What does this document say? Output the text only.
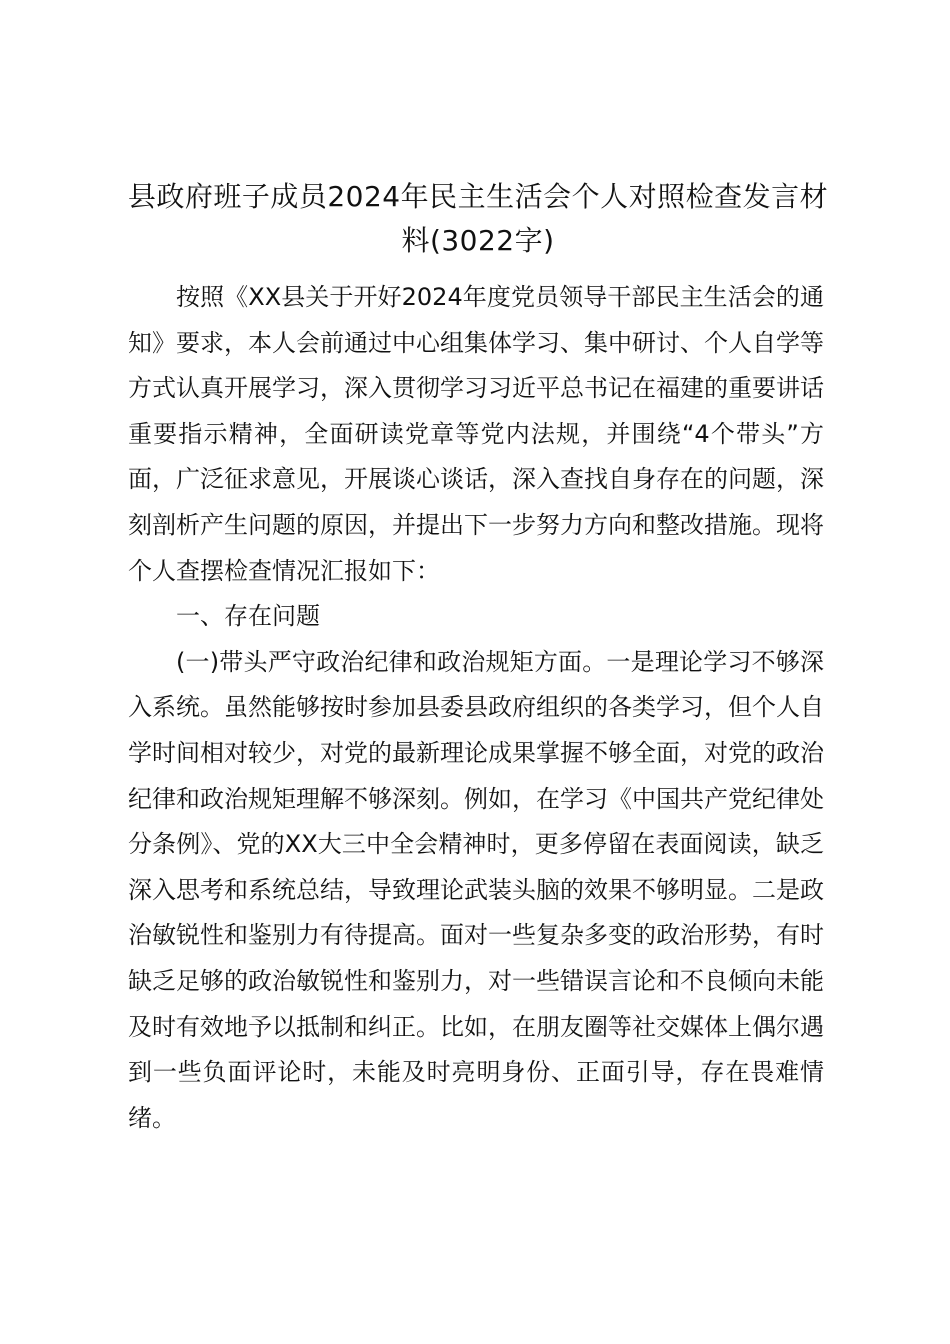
县政府班子成员2024年民主生活会个人对照检查发言材料(3022字)

按照《XX县关于开好2024年度党员领导干部民主生活会的通知》要求，本人会前通过中心组集体学习、集中研讨、个人自学等方式认真开展学习，深入贯彻学习习近平总书记在福建的重要讲话重要指示精神，全面研读党章等党内法规，并围绕“4个带头”方面，广泛征求意见，开展谈心谈话，深入查找自身存在的问题，深刻剖析产生问题的原因，并提出下一步努力方向和整改措施。现将个人查摆检查情况汇报如下：

一、存在问题

(一)带头严守政治纪律和政治规矩方面。一是理论学习不够深入系统。虽然能够按时参加县委县政府组织的各类学习，但个人自学时间相对较少，对党的最新理论成果掌握不够全面，对党的政治纪律和政治规矩理解不够深刻。例如，在学习《中国共产党纪律处分条例》、党的XX大三中全会精神时，更多停留在表面阅读，缺乏深入思考和系统总结，导致理论武装头脑的效果不够明显。二是政治敏锐性和鉴别力有待提高。面对一些复杂多变的政治形势，有时缺乏足够的政治敏锐性和鉴别力，对一些错误言论和不良倾向未能及时有效地予以抵制和纠正。比如，在朋友圈等社交媒体上偶尔遇到一些负面评论时，未能及时亮明身份、正面引导，存在畏难情绪。
